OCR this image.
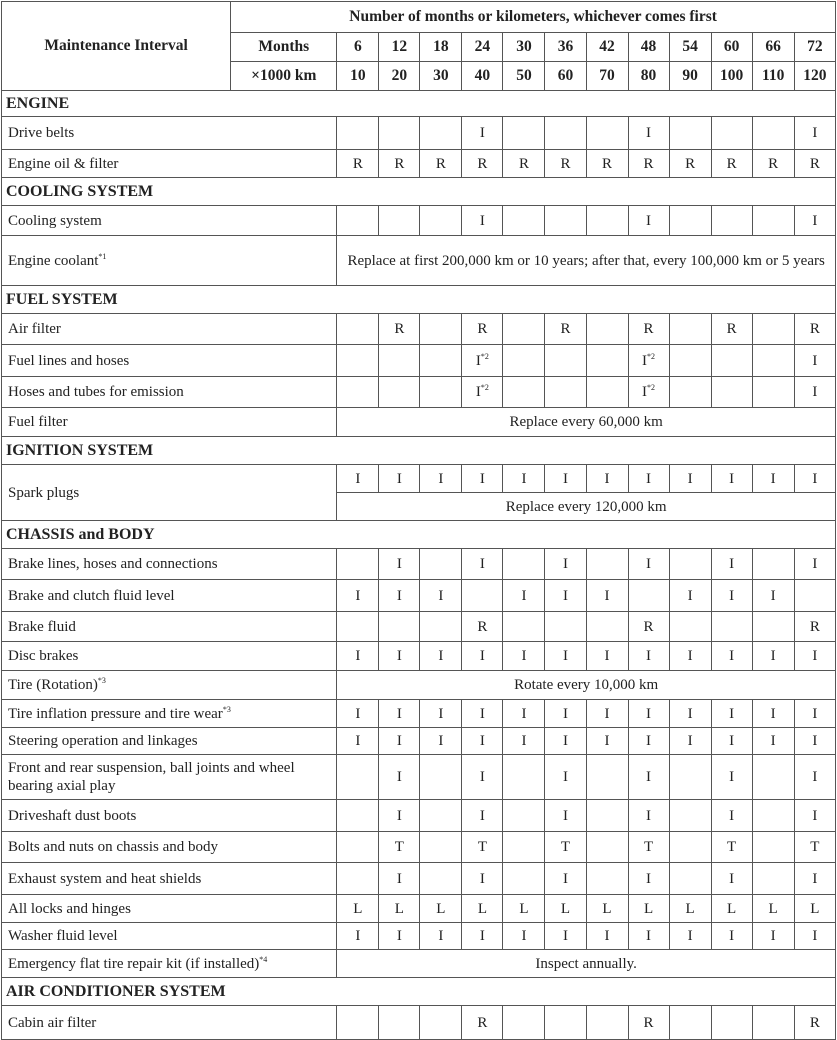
Maintenance Interval	Number of months or kilometers, whichever comes first												
	Months	6	12	18	24	30	36	42	48	54	60	66	72
	×1000 km	10	20	30	40	50	60	70	80	90	100	110	120
ENGINE													
Drive belts					I				I				I
Engine oil & filter		R	R	R	R	R	R	R	R	R	R	R	R
COOLING SYSTEM													
Cooling system					I				I				I
Engine coolant$^{*1}$		Replace at first 200,000 km or 10 years; after that, every 100,000 km or 5 years											
FUEL SYSTEM													
Air filter			R		R		R		R		R		R
Fuel lines and hoses					$I^{*2}$				$I^{*2}$				I
Hoses and tubes for emission					$I^{*2}$				$I^{*2}$				I
Fuel filter		Replace every 60,000 km											
IGNITION SYSTEM													
Spark plugs		I	I	I	I	I	I	I	I	I	I	I	I
		Replace every 120,000 km											
CHASSIS and BODY													
Brake lines, hoses and connections			I		I		I		I		I		I
Brake and clutch fluid level		I	I	I		I	I	I		I	I	I	
Brake fluid					R				R				R
Disc brakes		I	I	I	I	I	I	I	I	I	I	I	I
Tire (Rotation)$^{*3}$		Rotate every 10,000 km											
Tire inflation pressure and tire wear$^{*3}$		I	I	I	I	I	I	I	I	I	I	I	I
Steering operation and linkages		I	I	I	I	I	I	I	I	I	I	I	I
Front and rear suspension, ball joints and wheel bearing axial play			I		I		I		I		I		I
Driveshaft dust boots			I		I		I		I		I		I
Bolts and nuts on chassis and body			T		T		T		T		T		T
Exhaust system and heat shields			I		I		I		I		I		I
All locks and hinges		L	L	L	L	L	L	L	L	L	L	L	L
Washer fluid level		I	I	I	I	I	I	I	I	I	I	I	I
Emergency flat tire repair kit (if installed)$^{*4}$		Inspect annually.											
AIR CONDITIONER SYSTEM													
Cabin air filter					R				R				R
